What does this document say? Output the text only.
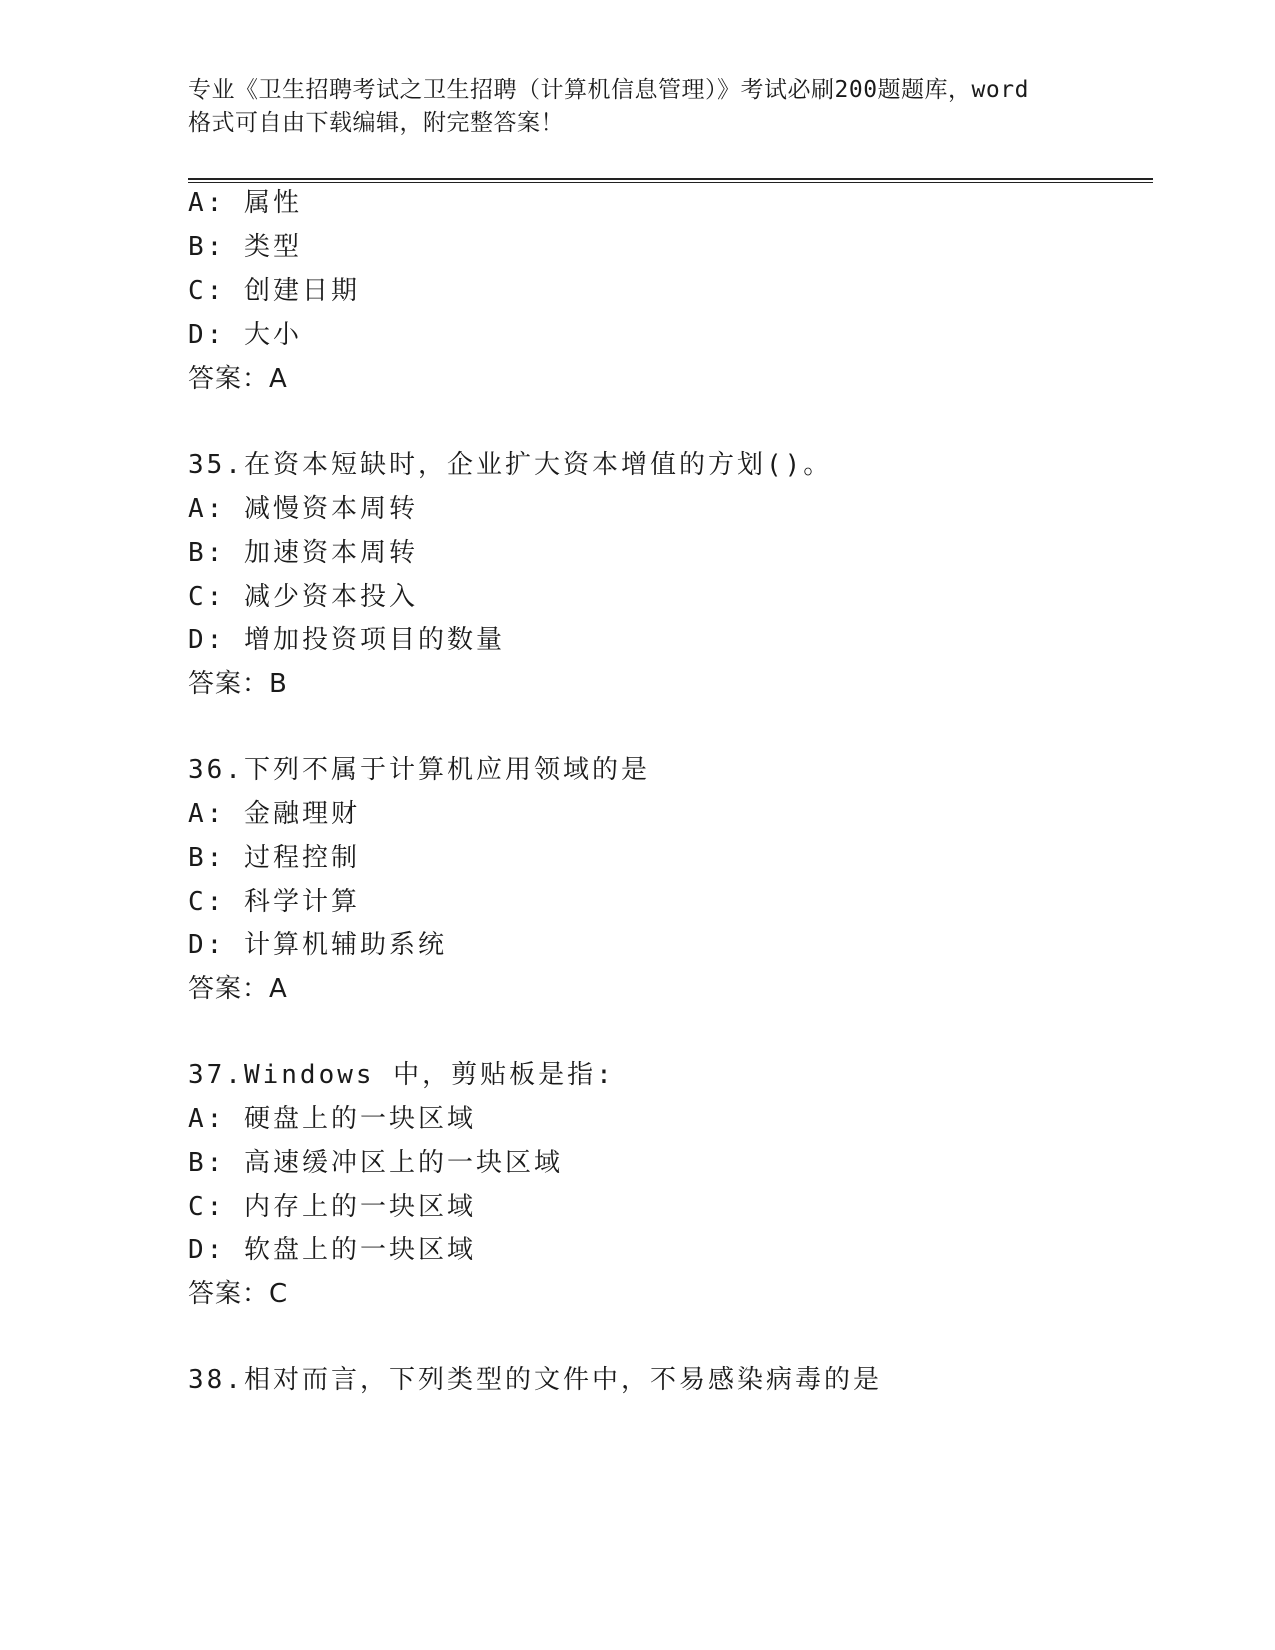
专业《卫生招聘考试之卫生招聘（计算机信息管理）》考试必刷200题题库，word
格式可自由下载编辑，附完整答案！
A: 属性
B: 类型
C: 创建日期
D: 大小
答案：A
35.在资本短缺时，企业扩大资本增值的方划()。
A: 减慢资本周转
B: 加速资本周转
C: 减少资本投入
D: 增加投资项目的数量
答案：B
36.下列不属于计算机应用领域的是
A: 金融理财
B: 过程控制
C: 科学计算
D: 计算机辅助系统
答案：A
37.Windows 中，剪贴板是指:
A: 硬盘上的一块区域
B: 高速缓冲区上的一块区域
C: 内存上的一块区域
D: 软盘上的一块区域
答案：C
38.相对而言，下列类型的文件中，不易感染病毒的是
